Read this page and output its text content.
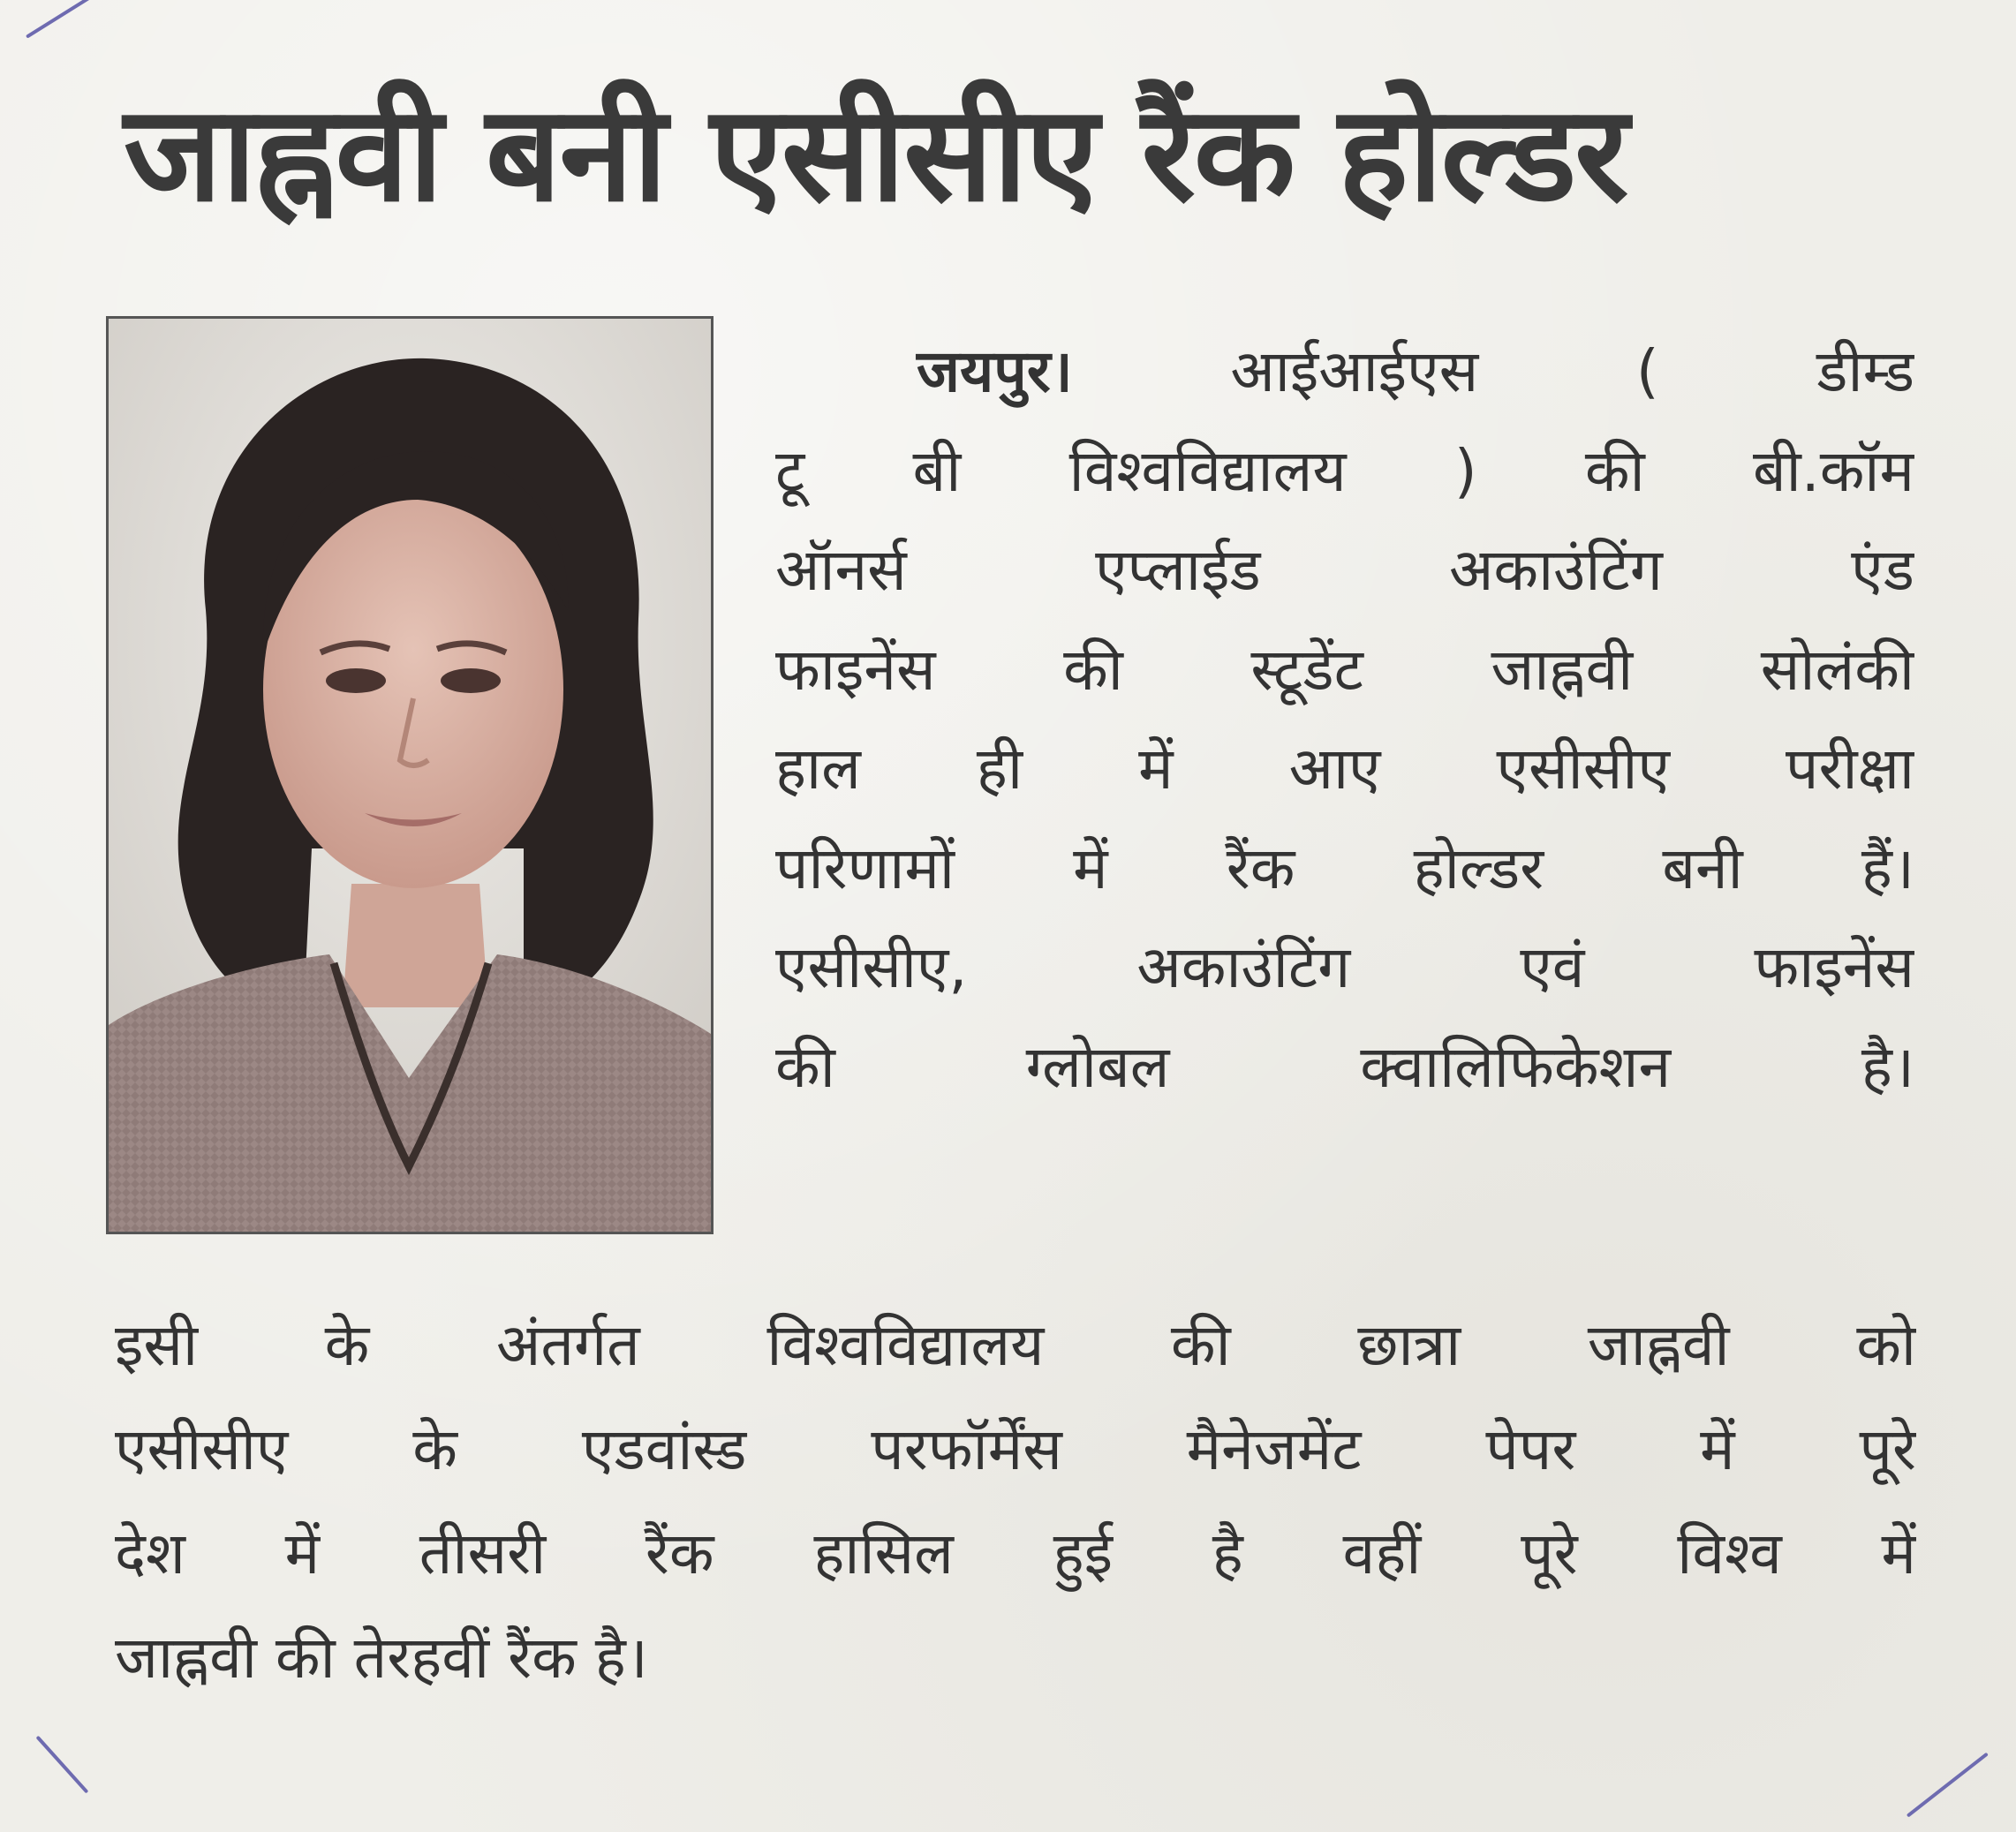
जाह्नवी बनी एसीसीए रैंक होल्डर
जयपुर।	आईआईएस ( डीम्ड
टू बी विश्वविद्यालय ) की बी.कॉम
ऑनर्स एप्लाईड अकाउंटिंग एंड
फाइनेंस की स्टूडेंट जाह्नवी सोलंकी
हाल ही में आए एसीसीए परीक्षा
परिणामों में रैंक होल्डर बनी हैं।
एसीसीए, अकाउंटिंग एवं फाइनेंस
की ग्लोबल क्वालिफिकेशन है।
इसी के अंतर्गत विश्वविद्यालय की छात्रा जाह्नवी को
एसीसीए के एडवांस्ड परफॉर्मेंस मैनेजमेंट पेपर में पूरे
देश में तीसरी रैंक हासिल हुई है वहीं पूरे विश्व में
जाह्नवी की तेरहवीं रैंक है।
